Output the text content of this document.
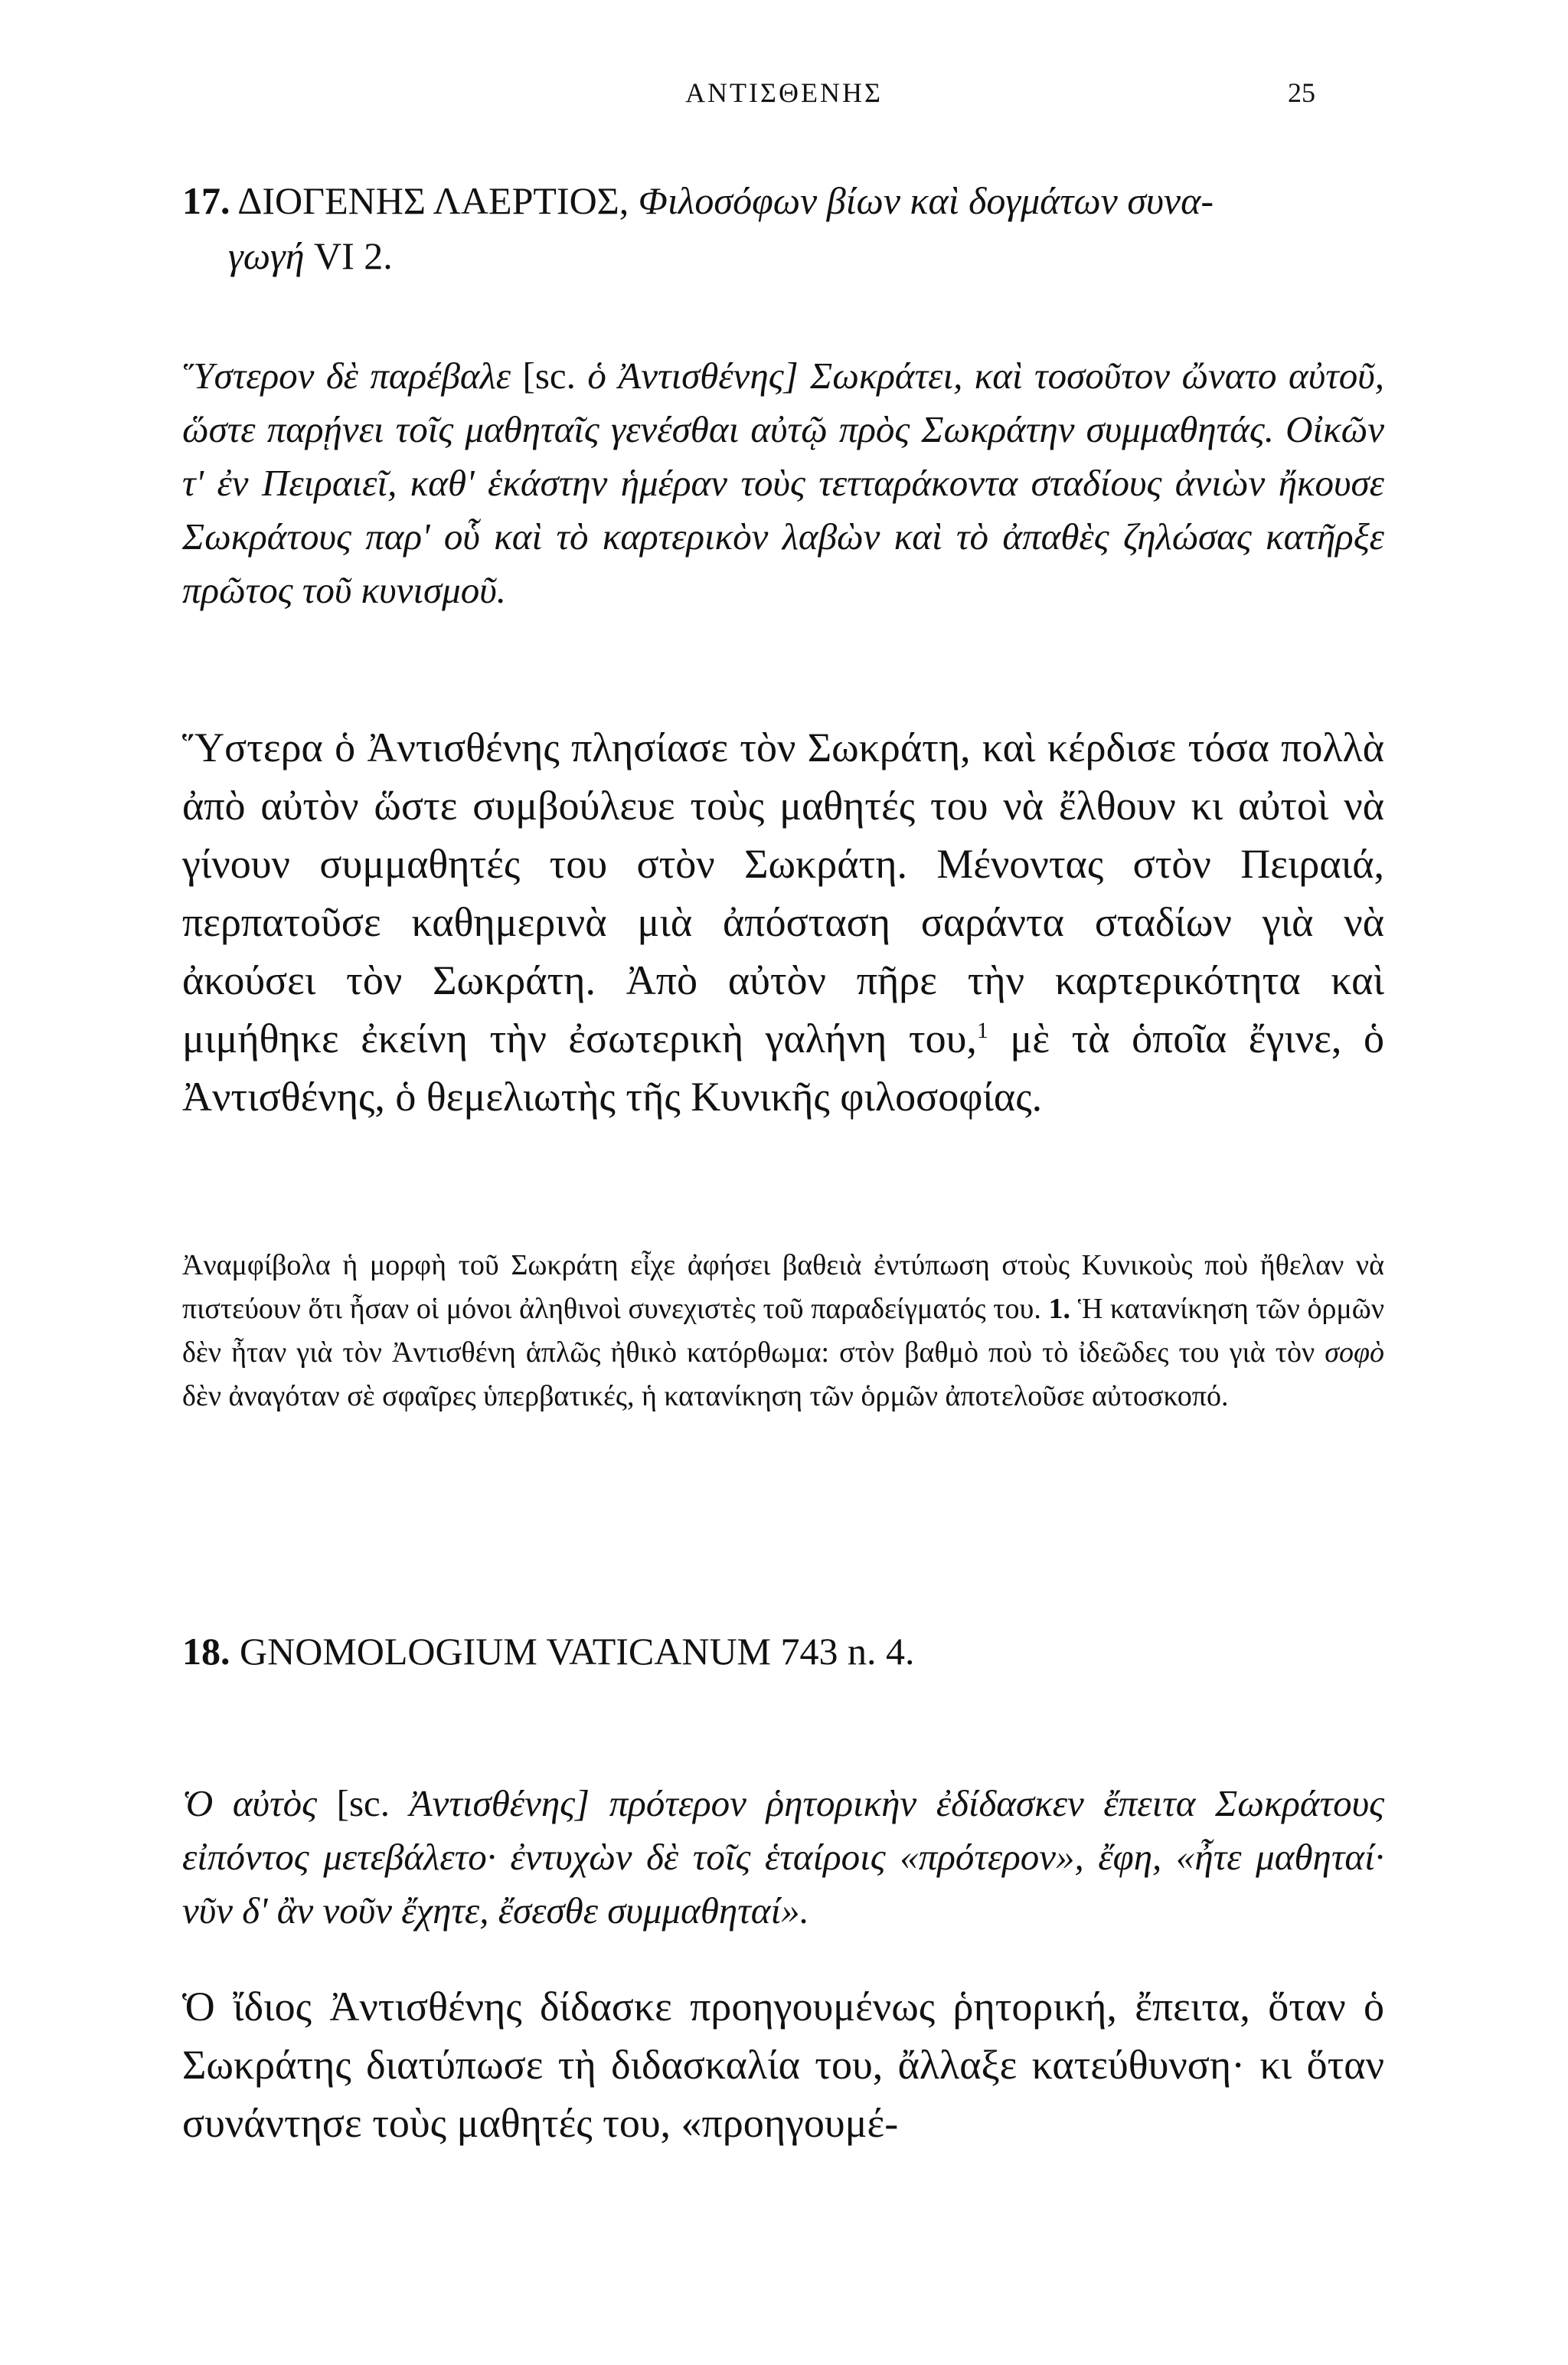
ΑΝΤΙΣΘΕΝΗΣ	25
17. ΔΙΟΓΕΝΗΣ ΛΑΕΡΤΙΟΣ, Φιλοσόφων βίων καὶ δογμάτων συνα-
γωγή VI 2.

Ὕστερον δὲ παρέβαλε [sc. ὁ Ἀντισθένης] Σωκράτει, καὶ τοσοῦτον ὤνατο αὐτοῦ, ὥστε παρῄνει τοῖς μαθηταῖς γενέσθαι αὐτῷ πρὸς Σωκράτην συμμαθητάς. Οἰκῶν τ' ἐν Πειραιεῖ, καθ' ἑκάστην ἡμέραν τοὺς τετταράκοντα σταδίους ἀνιὼν ἤκουσε Σωκράτους παρ' οὗ καὶ τὸ καρτερικὸν λαβὼν καὶ τὸ ἀπαθὲς ζηλώσας κατῆρξε πρῶτος τοῦ κυνισμοῦ.

Ὕστερα ὁ Ἀντισθένης πλησίασε τὸν Σωκράτη, καὶ κέρδισε τόσα πολλὰ ἀπὸ αὐτὸν ὥστε συμβούλευε τοὺς μαθητές του νὰ ἔλθουν κι αὐτοὶ νὰ γίνουν συμμαθητές του στὸν Σωκράτη. Μένοντας στὸν Πειραιά, περπατοῦσε καθημερινὰ μιὰ ἀπόσταση σαράντα σταδίων γιὰ νὰ ἀκούσει τὸν Σωκράτη. Ἀπὸ αὐτὸν πῆρε τὴν καρτερικότητα καὶ μιμήθηκε ἐκείνη τὴν ἐσωτερικὴ γαλήνη του,$^1$ μὲ τὰ ὁποῖα ἔγινε, ὁ Ἀντισθένης, ὁ θεμελιωτὴς τῆς Κυνικῆς φιλοσοφίας.

Ἀναμφίβολα ἡ μορφὴ τοῦ Σωκράτη εἶχε ἀφήσει βαθειὰ ἐντύπωση στοὺς Κυνικοὺς ποὺ ἤθελαν νὰ πιστεύουν ὅτι ἦσαν οἱ μόνοι ἀληθινοὶ συνεχιστὲς τοῦ παραδείγματός του. 1. Ἡ κατανίκηση τῶν ὁρμῶν δὲν ἦταν γιὰ τὸν Ἀντισθένη ἁπλῶς ἠθικὸ κατόρθωμα: στὸν βαθμὸ ποὺ τὸ ἰδεῶδες του γιὰ τὸν σοφὸ δὲν ἀναγόταν σὲ σφαῖρες ὑπερβατικές, ἡ κατανίκηση τῶν ὁρμῶν ἀποτελοῦσε αὐτοσκοπό.

18. GNOMOLOGIUM VATICANUM 743 n. 4.

Ὁ αὐτὸς [sc. Ἀντισθένης] πρότερον ῥητορικὴν ἐδίδασκεν ἔπειτα Σωκράτους εἰπόντος μετεβάλετο· ἐντυχὼν δὲ τοῖς ἑταίροις «πρότερον», ἔφη, «ἦτε μαθηταί· νῦν δ' ἂν νοῦν ἔχητε, ἔσεσθε συμμαθηταί».

Ὁ ἴδιος Ἀντισθένης δίδασκε προηγουμένως ῥητορική, ἔπειτα, ὅταν ὁ Σωκράτης διατύπωσε τὴ διδασκαλία του, ἄλλαξε κατεύθυνση· κι ὅταν συνάντησε τοὺς μαθητές του, «προηγουμέ-
